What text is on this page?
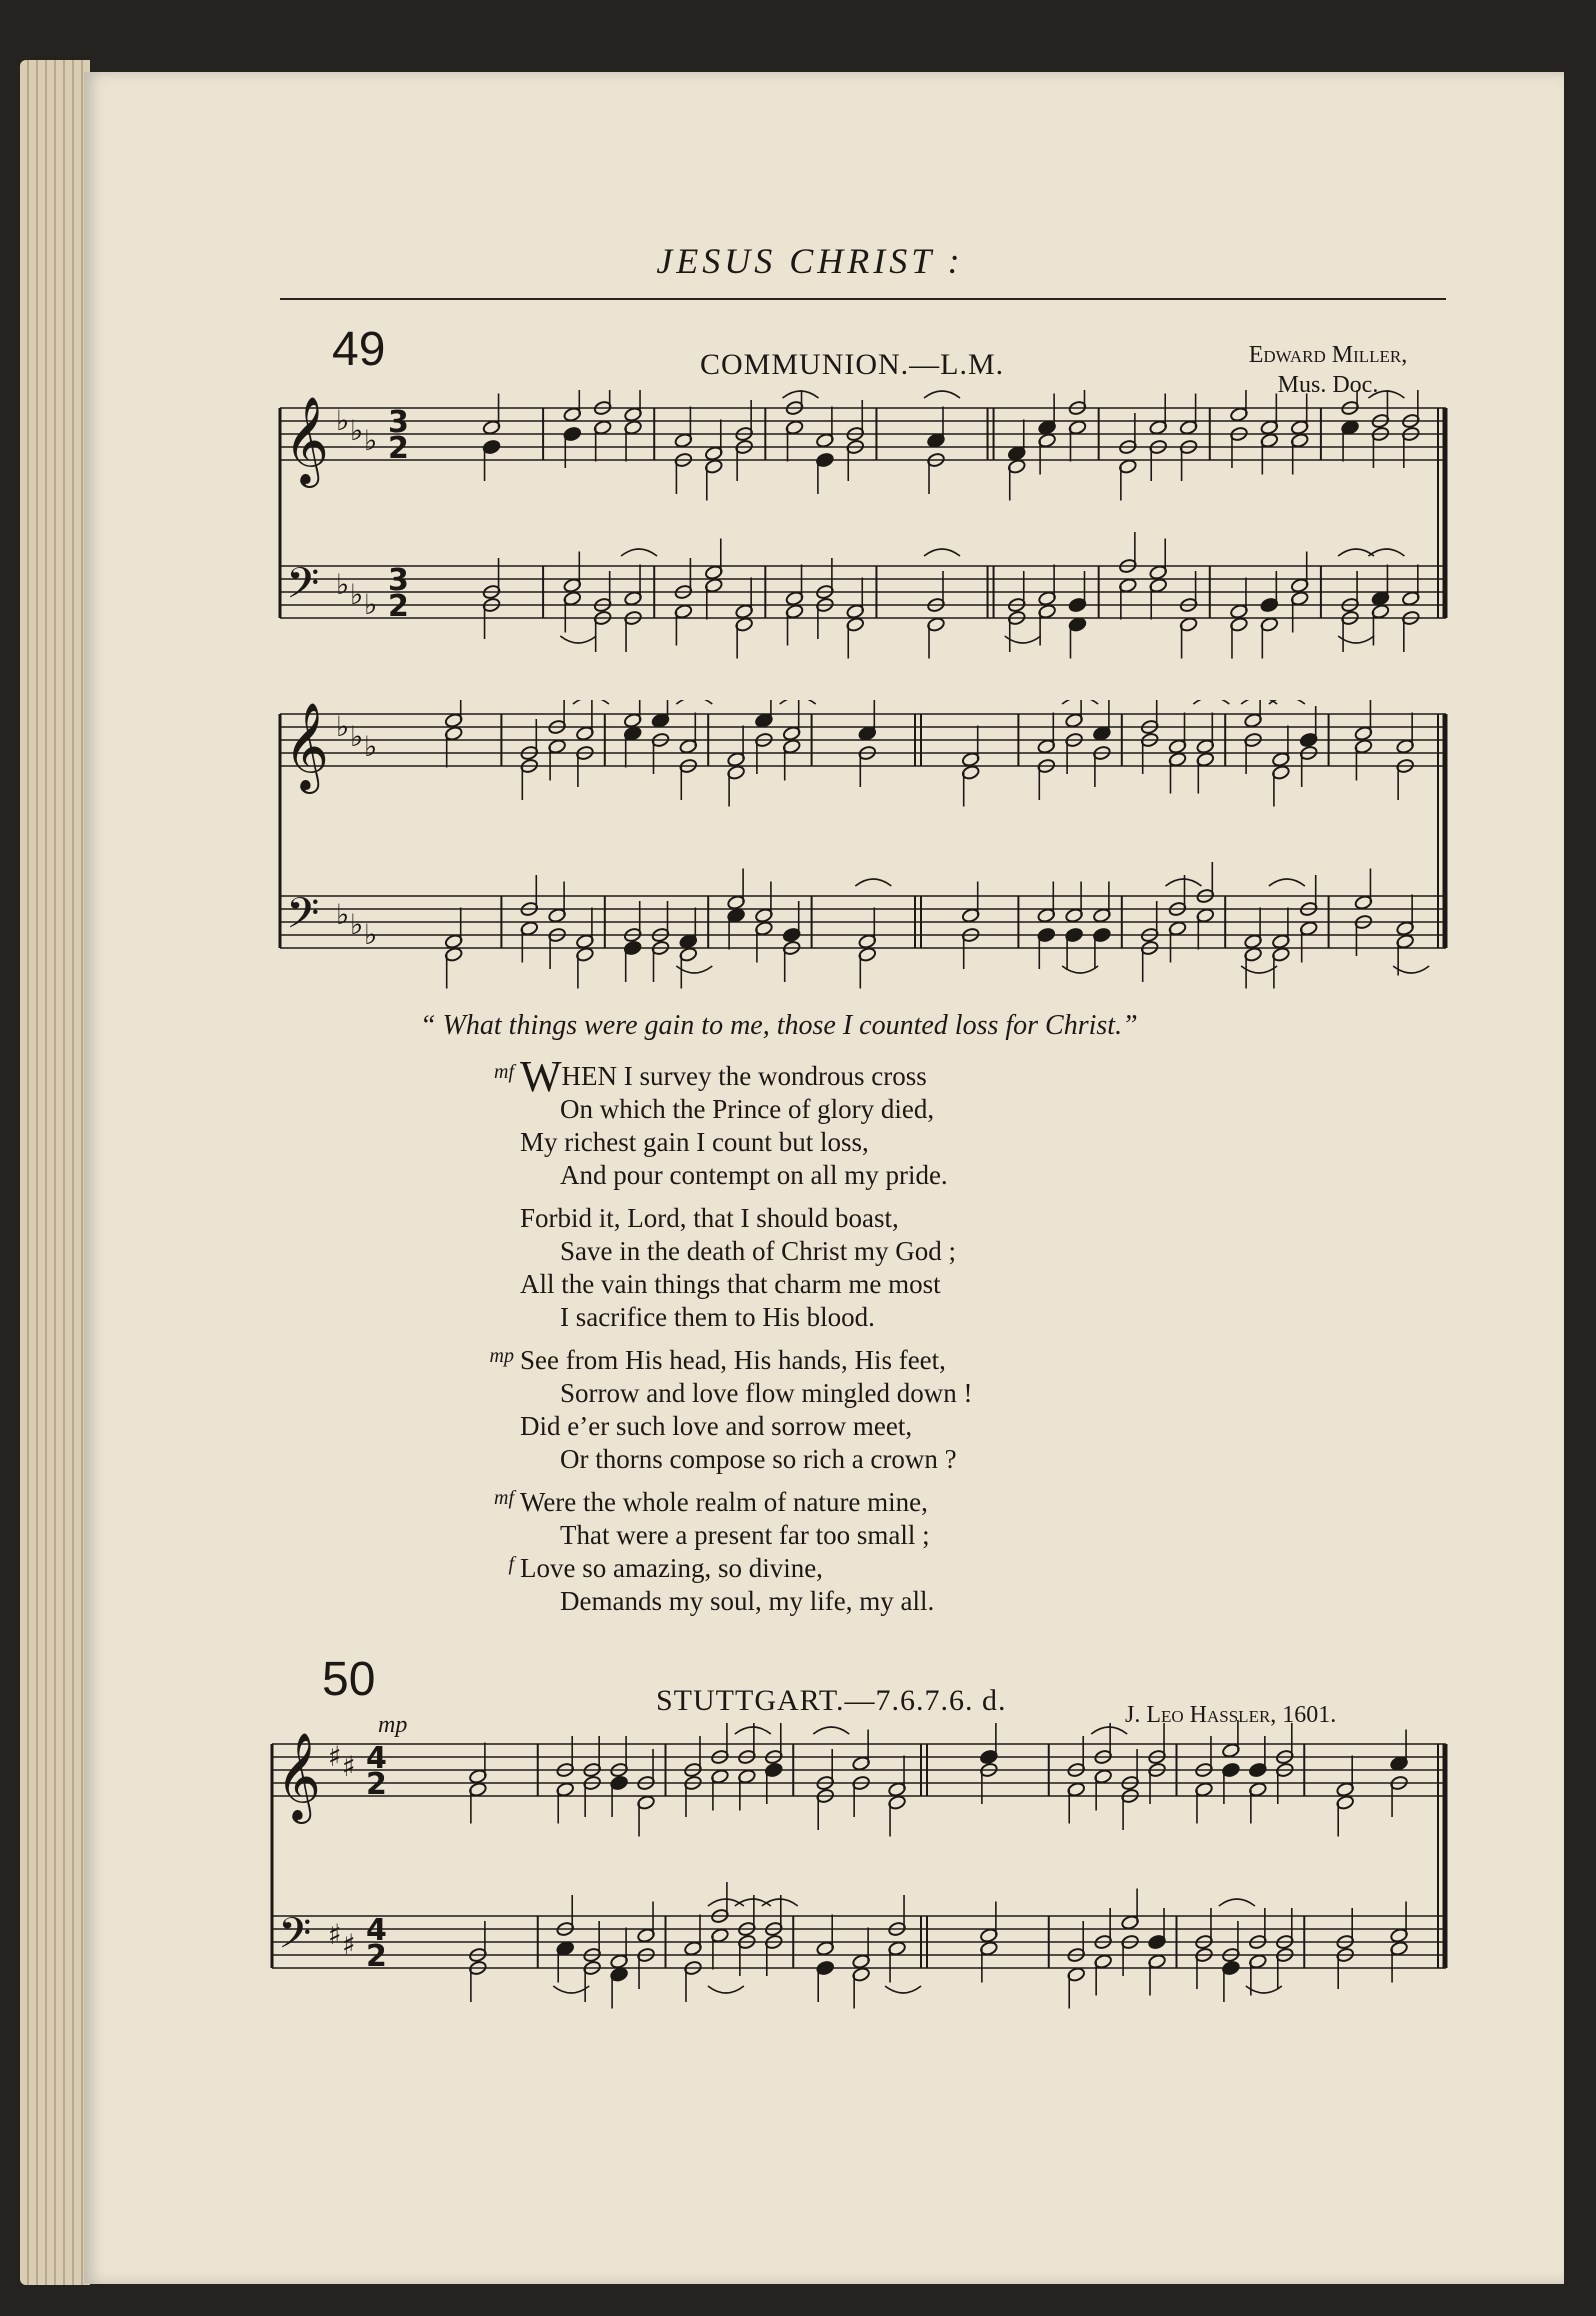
JESUS CHRIST :
49	COMMUNION.—L.M.	Edward Miller,
Mus. Doc.
𝄞
𝄢
♭
♭
♭
♭
♭
♭
3
2
3
2
𝄞
𝄢
♭
♭
♭
♭
♭
♭
𝄞
𝄢
♯
♯
♯
♯
4
2
4
2
“ What things were gain to me, those I counted loss for Christ.”
mf WHEN I survey the wondrous cross
On which the Prince of glory died,
My richest gain I count but loss,
And pour contempt on all my pride.
Forbid it, Lord, that I should boast,
Save in the death of Christ my God ;
All the vain things that charm me most
I sacrifice them to His blood.
mp See from His head, His hands, His feet,
Sorrow and love flow mingled down !
Did e’er such love and sorrow meet,
Or thorns compose so rich a crown ?
mf Were the whole realm of nature mine,
That were a present far too small ;
f Love so amazing, so divine,
Demands my soul, my life, my all.
50	STUTTGART.—7.6.7.6. d.	J. Leo Hassler, 1601.
mp
